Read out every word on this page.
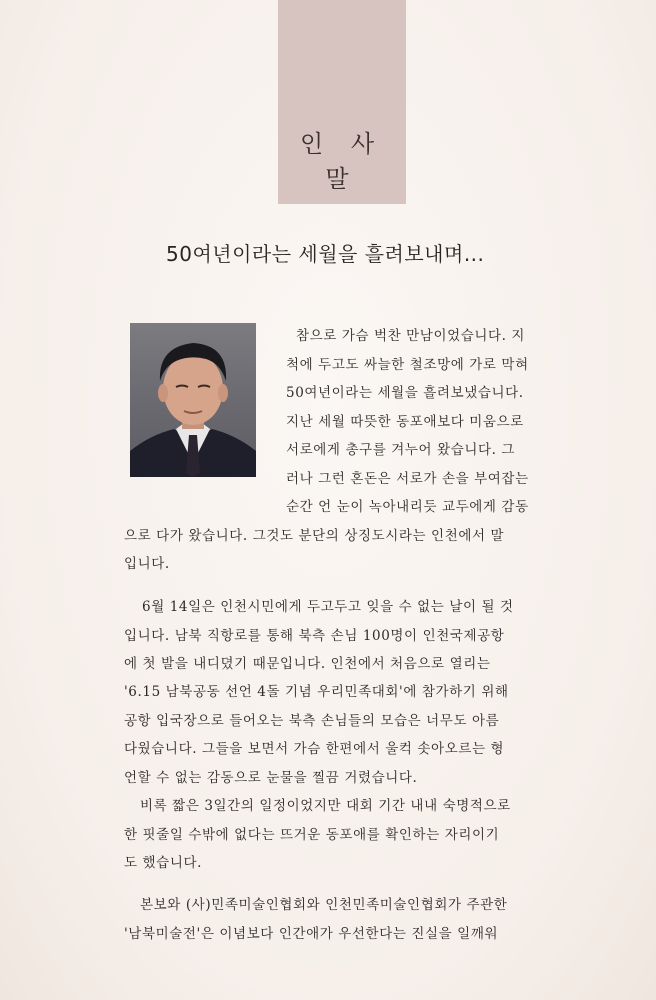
인 사 말
50여년이라는 세월을 흘려보내며...
참으로 가슴 벅찬 만남이었습니다. 지
척에 두고도 싸늘한 철조망에 가로 막혀
50여년이라는 세월을 흘려보냈습니다.
지난 세월 따뜻한 동포애보다 미움으로
서로에게 총구를 겨누어 왔습니다. 그
러나 그런 혼돈은 서로가 손을 부여잡는
순간 언 눈이 녹아내리듯 교두에게 감동
으로 다가 왔습니다. 그것도 분단의 상징도시라는 인천에서 말
입니다.
6월 14일은 인천시민에게 두고두고 잊을 수 없는 날이 될 것
입니다. 남북 직항로를 통해 북측 손님 100명이 인천국제공항
에 첫 발을 내디뎠기 때문입니다. 인천에서 처음으로 열리는
'6.15 남북공동 선언 4돌 기념 우리민족대회'에 참가하기 위해
공항 입국장으로 들어오는 북측 손님들의 모습은 너무도 아름
다웠습니다. 그들을 보면서 가슴 한편에서 울컥 솟아오르는 형
언할 수 없는 감동으로 눈물을 찔끔 거렸습니다.
비록 짧은 3일간의 일정이었지만 대회 기간 내내 숙명적으로
한 핏줄일 수밖에 없다는 뜨거운 동포애를 확인하는 자리이기
도 했습니다.
본보와 (사)민족미술인협회와 인천민족미술인협회가 주관한
'남북미술전'은 이념보다 인간애가 우선한다는 진실을 일깨워
